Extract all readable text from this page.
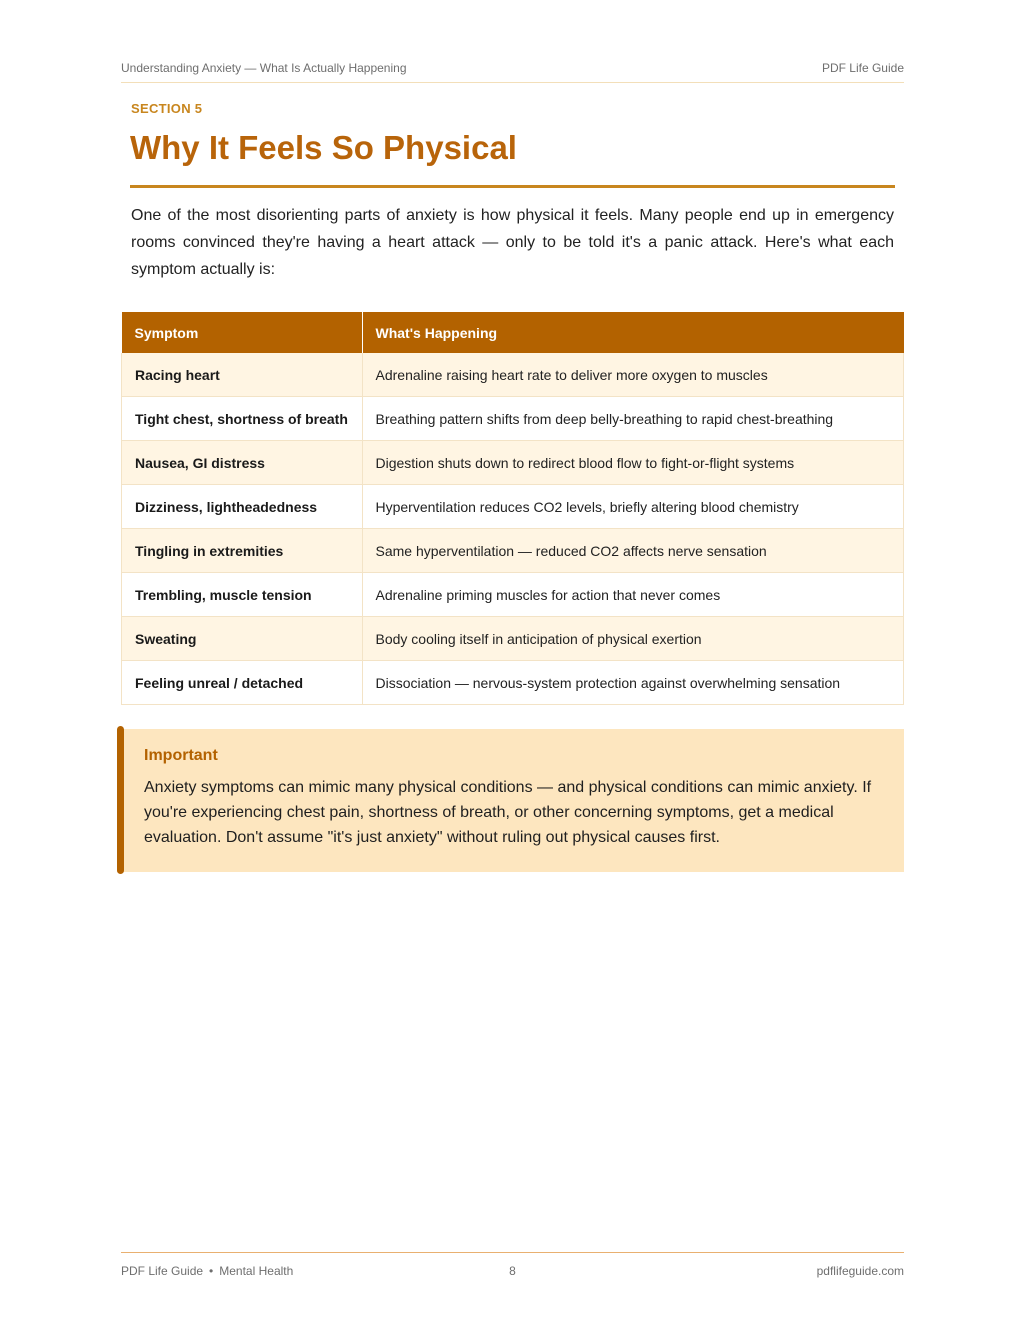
Understanding Anxiety — What Is Actually Happening	PDF Life Guide
SECTION 5
Why It Feels So Physical

One of the most disorienting parts of anxiety is how physical it feels. Many people end up in emergency rooms convinced they're having a heart attack — only to be told it's a panic attack. Here's what each symptom actually is:

Symptom	What's Happening
Racing heart	Adrenaline raising heart rate to deliver more oxygen to muscles
Tight chest, shortness of breath	Breathing pattern shifts from deep belly-breathing to rapid chest-breathing
Nausea, GI distress	Digestion shuts down to redirect blood flow to fight-or-flight systems
Dizziness, lightheadedness	Hyperventilation reduces CO2 levels, briefly altering blood chemistry
Tingling in extremities	Same hyperventilation — reduced CO2 affects nerve sensation
Trembling, muscle tension	Adrenaline priming muscles for action that never comes
Sweating	Body cooling itself in anticipation of physical exertion
Feeling unreal / detached	Dissociation — nervous-system protection against overwhelming sensation
Important

Anxiety symptoms can mimic many physical conditions — and physical conditions can mimic anxiety. If you're experiencing chest pain, shortness of breath, or other concerning symptoms, get a medical evaluation. Don't assume "it's just anxiety" without ruling out physical causes first.

PDF Life Guide • Mental Health	8	pdflifeguide.com
